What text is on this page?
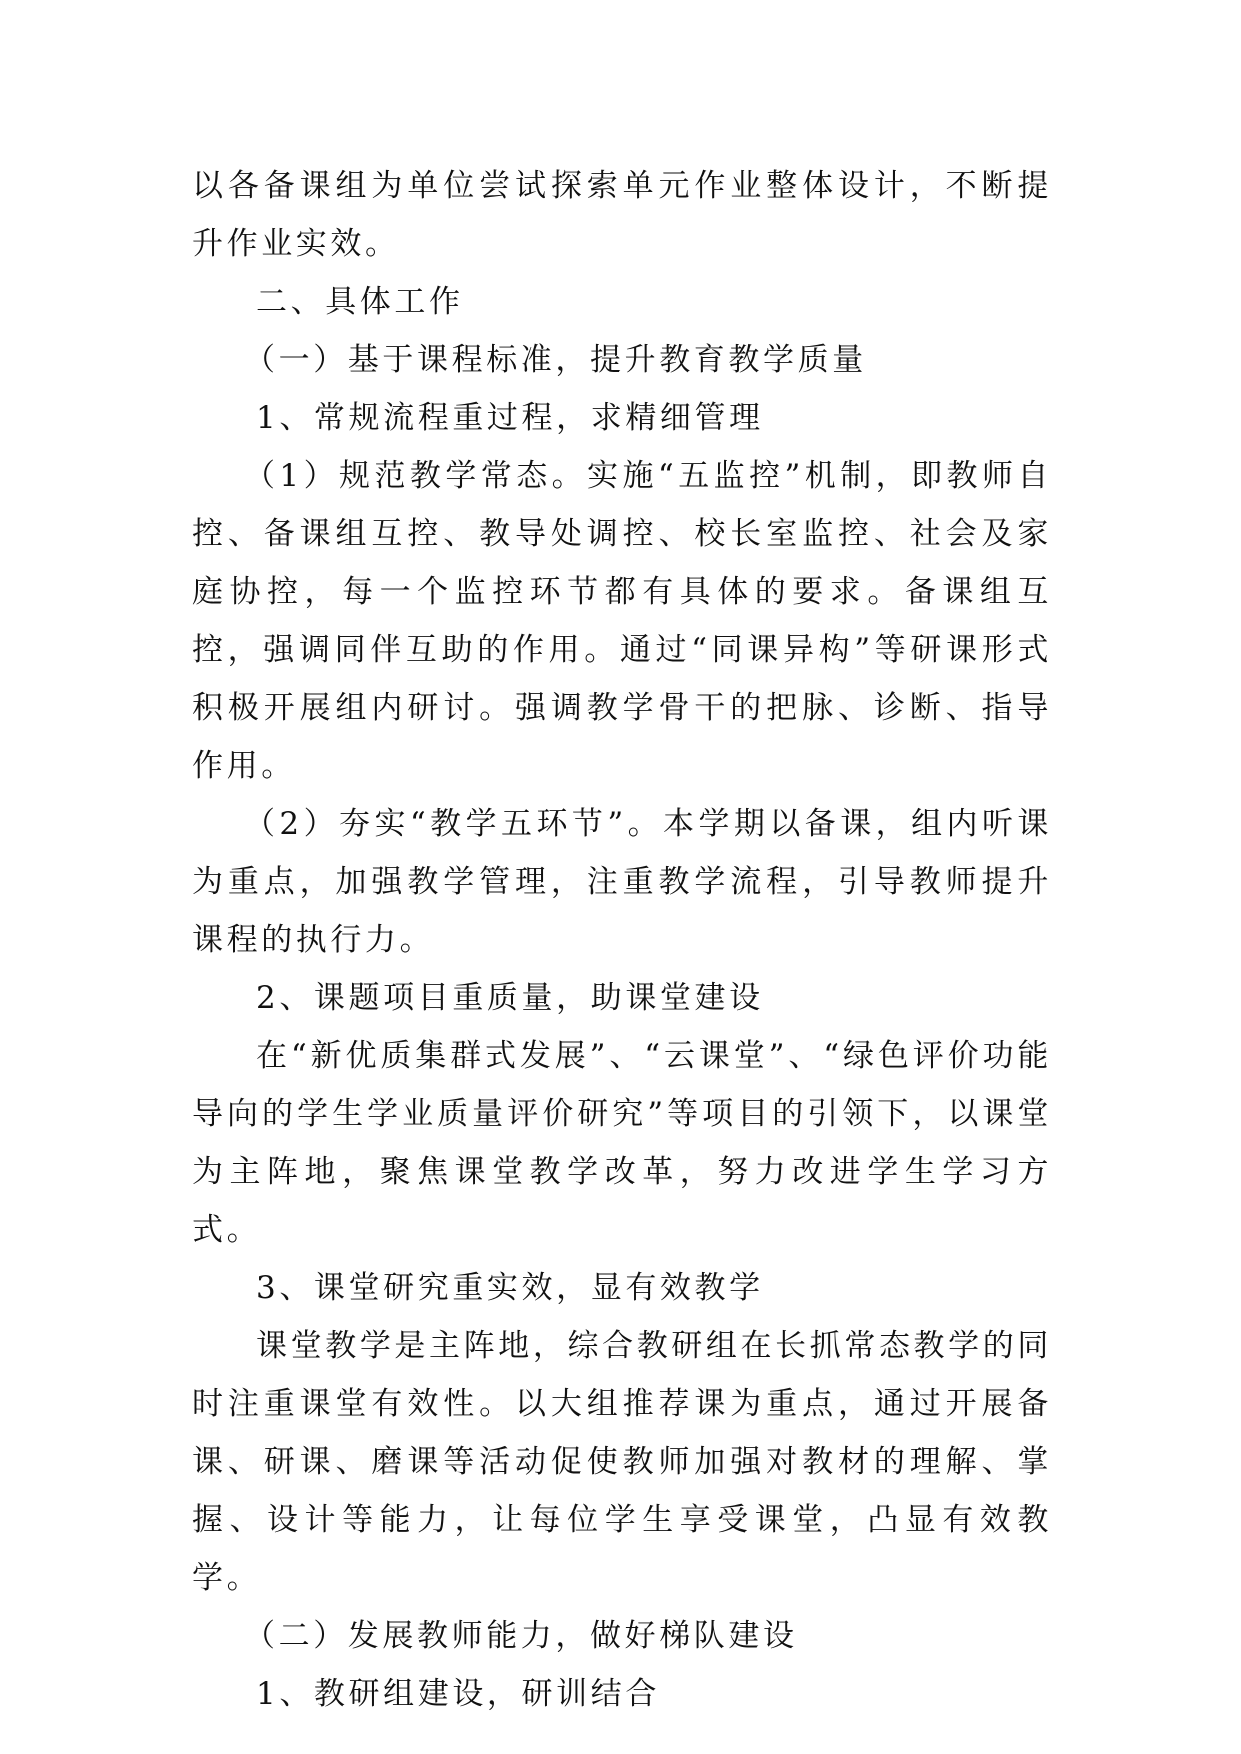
以各备课组为单位尝试探索单元作业整体设计，不断提升作业实效。

二、具体工作

（一）基于课程标准，提升教育教学质量

1、常规流程重过程，求精细管理

（1）规范教学常态。实施“五监控”机制，即教师自控、备课组互控、教导处调控、校长室监控、社会及家庭协控，每一个监控环节都有具体的要求。备课组互控，强调同伴互助的作用。通过“同课异构”等研课形式积极开展组内研讨。强调教学骨干的把脉、诊断、指导作用。

（2）夯实“教学五环节”。本学期以备课，组内听课为重点，加强教学管理，注重教学流程，引导教师提升课程的执行力。

2、课题项目重质量，助课堂建设

在“新优质集群式发展”、“云课堂”、“绿色评价功能导向的学生学业质量评价研究”等项目的引领下，以课堂为主阵地，聚焦课堂教学改革，努力改进学生学习方式。

3、课堂研究重实效，显有效教学

课堂教学是主阵地，综合教研组在长抓常态教学的同时注重课堂有效性。以大组推荐课为重点，通过开展备课、研课、磨课等活动促使教师加强对教材的理解、掌握、设计等能力，让每位学生享受课堂，凸显有效教学。

（二）发展教师能力，做好梯队建设

1、教研组建设，研训结合
